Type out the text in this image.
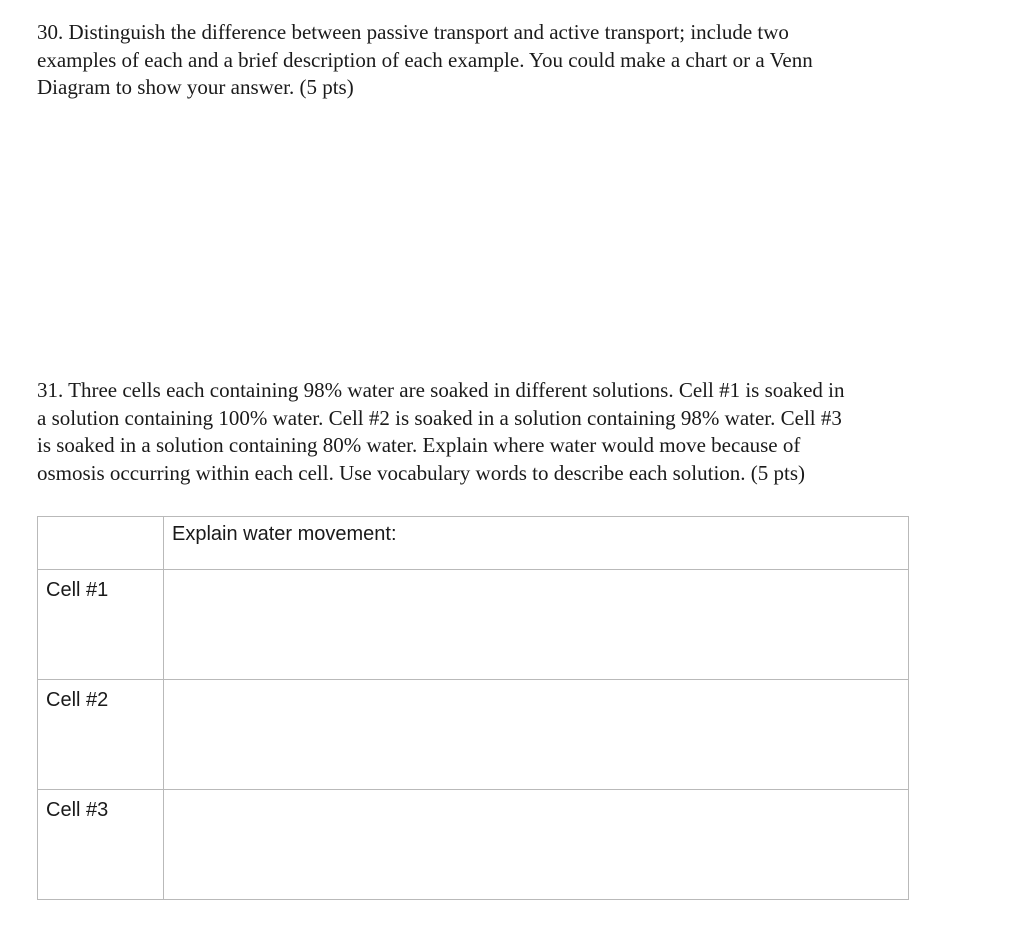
30. Distinguish the difference between passive transport and active transport; include two
examples of each and a brief description of each example. You could make a chart or a Venn
Diagram to show your answer. (5 pts)

31. Three cells each containing 98% water are soaked in different solutions. Cell #1 is soaked in
a solution containing 100% water. Cell #2 is soaked in a solution containing 98% water. Cell #3
is soaked in a solution containing 80% water. Explain where water would move because of
osmosis occurring within each cell. Use vocabulary words to describe each solution. (5 pts)

	Explain water movement:
Cell #1	
Cell #2	
Cell #3	
